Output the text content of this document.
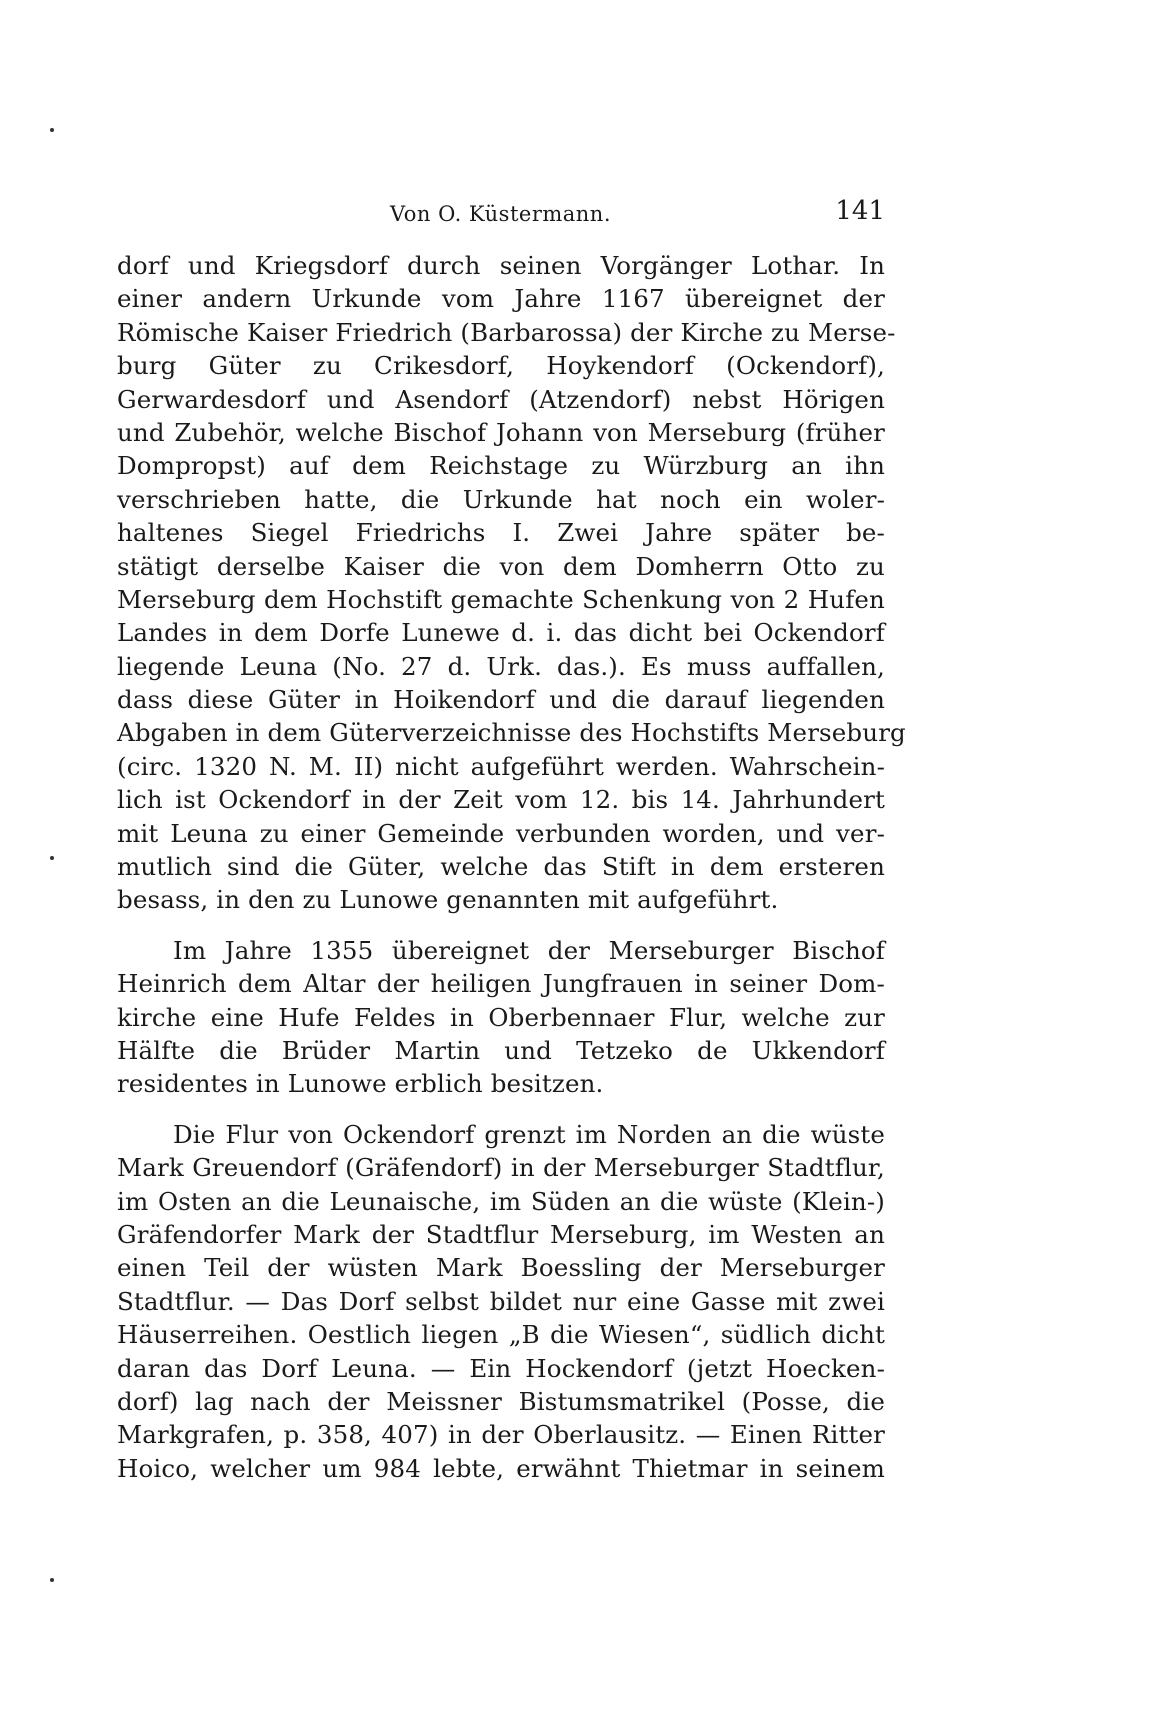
Von O. Küstermann.	141
dorf und Kriegsdorf durch seinen Vorgänger Lothar. In
einer andern Urkunde vom Jahre 1167 übereignet der
Römische Kaiser Friedrich (Barbarossa) der Kirche zu Merse-
burg Güter zu Crikesdorf, Hoykendorf (Ockendorf),
Gerwardesdorf und Asendorf (Atzendorf) nebst Hörigen
und Zubehör, welche Bischof Johann von Merseburg (früher
Dompropst) auf dem Reichstage zu Würzburg an ihn
verschrieben hatte, die Urkunde hat noch ein woler-
haltenes Siegel Friedrichs I. Zwei Jahre später be-
stätigt derselbe Kaiser die von dem Domherrn Otto zu
Merseburg dem Hochstift gemachte Schenkung von 2 Hufen
Landes in dem Dorfe Lunewe d. i. das dicht bei Ockendorf
liegende Leuna (No. 27 d. Urk. das.). Es muss auffallen,
dass diese Güter in Hoikendorf und die darauf liegenden
Abgaben in dem Güterverzeichnisse des Hochstifts Merseburg
(circ. 1320 N. M. II) nicht aufgeführt werden. Wahrschein-
lich ist Ockendorf in der Zeit vom 12. bis 14. Jahrhundert
mit Leuna zu einer Gemeinde verbunden worden, und ver-
mutlich sind die Güter, welche das Stift in dem ersteren
besass, in den zu Lunowe genannten mit aufgeführt.
Im Jahre 1355 übereignet der Merseburger Bischof
Heinrich dem Altar der heiligen Jungfrauen in seiner Dom-
kirche eine Hufe Feldes in Oberbennaer Flur, welche zur
Hälfte die Brüder Martin und Tetzeko de Ukkendorf
residentes in Lunowe erblich besitzen.
Die Flur von Ockendorf grenzt im Norden an die wüste
Mark Greuendorf (Gräfendorf) in der Merseburger Stadtflur,
im Osten an die Leunaische, im Süden an die wüste (Klein-)
Gräfendorfer Mark der Stadtflur Merseburg, im Westen an
einen Teil der wüsten Mark Boessling der Merseburger
Stadtflur. — Das Dorf selbst bildet nur eine Gasse mit zwei
Häuserreihen. Oestlich liegen „B die Wiesen“, südlich dicht
daran das Dorf Leuna. — Ein Hockendorf (jetzt Hoecken-
dorf) lag nach der Meissner Bistumsmatrikel (Posse, die
Markgrafen, p. 358, 407) in der Oberlausitz. — Einen Ritter
Hoico, welcher um 984 lebte, erwähnt Thietmar in seinem
